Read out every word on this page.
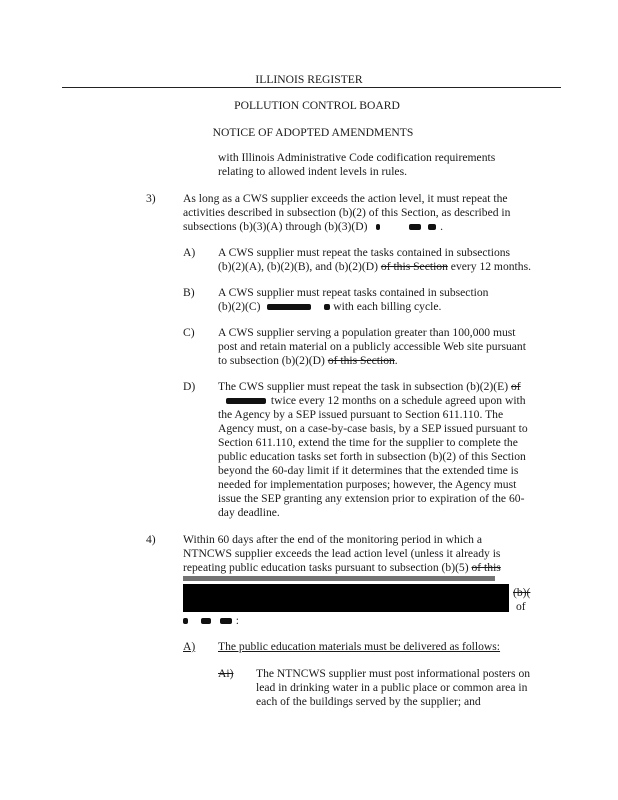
ILLINOIS REGISTER
POLLUTION CONTROL BOARD
NOTICE OF ADOPTED AMENDMENTS
with Illinois Administrative Code codification requirements
relating to allowed indent levels in rules.
3) As long as a CWS supplier exceeds the action level, it must repeat the
activities described in subsection (b)(2) of this Section, as described in
subsections (b)(3)(A) through (b)(3)(D)	.
A) A CWS supplier must repeat the tasks contained in subsections
(b)(2)(A), (b)(2)(B), and (b)(2)(D) of this Section every 12 months.
B) A CWS supplier must repeat tasks contained in subsection
(b)(2)(C)	with each billing cycle.
C) A CWS supplier serving a population greater than 100,000 must
post and retain material on a publicly accessible Web site pursuant
to subsection (b)(2)(D) of this Section.
D) The CWS supplier must repeat the task in subsection (b)(2)(E) of
twice every 12 months on a schedule agreed upon with
the Agency by a SEP issued pursuant to Section 611.110. The
Agency must, on a case-by-case basis, by a SEP issued pursuant to
Section 611.110, extend the time for the supplier to complete the
public education tasks set forth in subsection (b)(2) of this Section
beyond the 60-day limit if it determines that the extended time is
needed for implementation purposes; however, the Agency must
issue the SEP granting any extension prior to expiration of the 60-
day deadline.
4) Within 60 days after the end of the monitoring period in which a
NTNCWS supplier exceeds the lead action level (unless it already is
repeating public education tasks pursuant to subsection (b)(5) of this
(b)(
of
:
A) The public education materials must be delivered as follows:
Ai) The NTNCWS supplier must post informational posters on
lead in drinking water in a public place or common area in
each of the buildings served by the supplier; and
